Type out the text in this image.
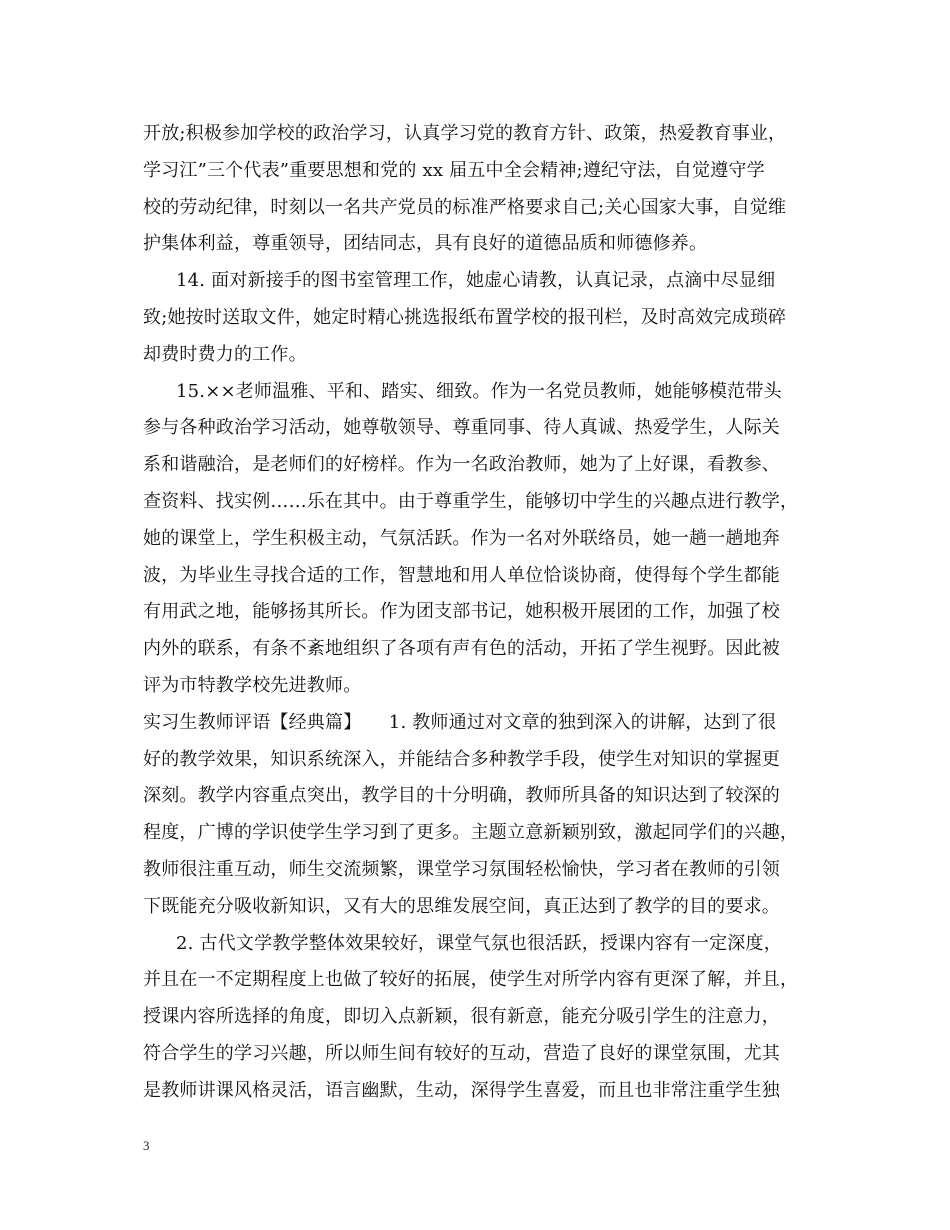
开放;积极参加学校的政治学习，认真学习党的教育方针、政策，热爱教育事业，
学习江”三个代表”重要思想和党的 xx 届五中全会精神;遵纪守法，自觉遵守学
校的劳动纪律，时刻以一名共产党员的标准严格要求自己;关心国家大事，自觉维
护集体利益，尊重领导，团结同志，具有良好的道德品质和师德修养。
14. 面对新接手的图书室管理工作，她虚心请教，认真记录，点滴中尽显细
致;她按时送取文件，她定时精心挑选报纸布置学校的报刊栏，及时高效完成琐碎
却费时费力的工作。
15.××老师温雅、平和、踏实、细致。作为一名党员教师，她能够模范带头
参与各种政治学习活动，她尊敬领导、尊重同事、待人真诚、热爱学生，人际关
系和谐融洽，是老师们的好榜样。作为一名政治教师，她为了上好课，看教参、
查资料、找实例……乐在其中。由于尊重学生，能够切中学生的兴趣点进行教学，
她的课堂上，学生积极主动，气氛活跃。作为一名对外联络员，她一趟一趟地奔
波，为毕业生寻找合适的工作，智慧地和用人单位恰谈协商，使得每个学生都能
有用武之地，能够扬其所长。作为团支部书记，她积极开展团的工作，加强了校
内外的联系，有条不紊地组织了各项有声有色的活动，开拓了学生视野。因此被
评为市特教学校先进教师。
实习生教师评语【经典篇】　　1. 教师通过对文章的独到深入的讲解，达到了很
好的教学效果，知识系统深入，并能结合多种教学手段，使学生对知识的掌握更
深刻。教学内容重点突出，教学目的十分明确，教师所具备的知识达到了较深的
程度，广博的学识使学生学习到了更多。主题立意新颖别致，激起同学们的兴趣，
教师很注重互动，师生交流频繁，课堂学习氛围轻松愉快，学习者在教师的引领
下既能充分吸收新知识，又有大的思维发展空间，真正达到了教学的目的要求。
2. 古代文学教学整体效果较好，课堂气氛也很活跃，授课内容有一定深度，
并且在一不定期程度上也做了较好的拓展，使学生对所学内容有更深了解，并且，
授课内容所选择的角度，即切入点新颖，很有新意，能充分吸引学生的注意力，
符合学生的学习兴趣，所以师生间有较好的互动，营造了良好的课堂氛围，尤其
是教师讲课风格灵活，语言幽默，生动，深得学生喜爱，而且也非常注重学生独
3
